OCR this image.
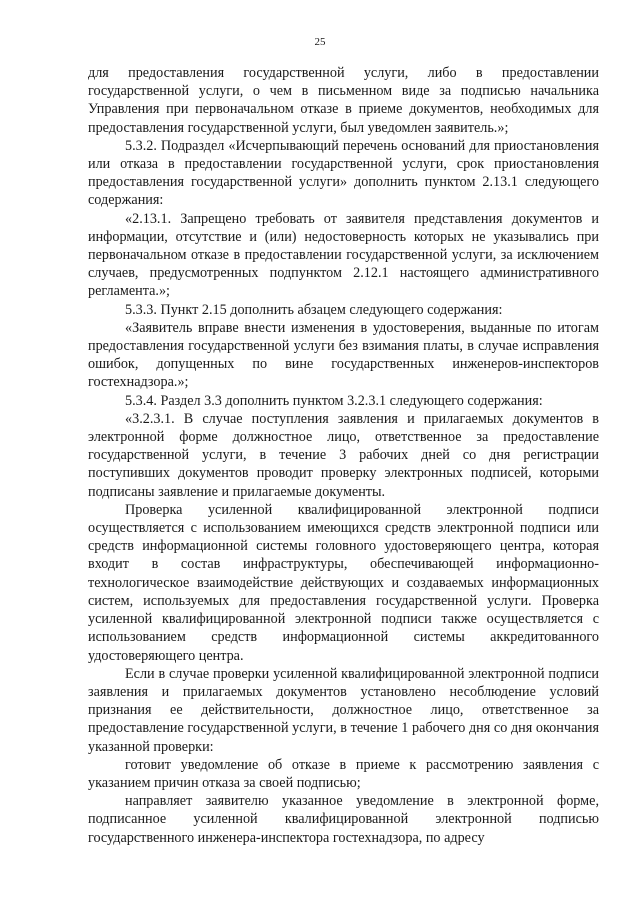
25

для предоставления государственной услуги, либо в предоставлении государственной услуги, о чем в письменном виде за подписью начальника Управления при первоначальном отказе в приеме документов, необходимых для предоставления государственной услуги, был уведомлен заявитель.»;

5.3.2. Подраздел «Исчерпывающий перечень оснований для приостановления или отказа в предоставлении государственной услуги, срок приостановления предоставления государственной услуги» дополнить пунктом 2.13.1 следующего содержания:

«2.13.1. Запрещено требовать от заявителя представления документов и информации, отсутствие и (или) недостоверность которых не указывались при первоначальном отказе в предоставлении государственной услуги, за исключением случаев, предусмотренных подпунктом 2.12.1 настоящего административного регламента.»;

5.3.3. Пункт 2.15 дополнить абзацем следующего содержания:

«Заявитель вправе внести изменения в удостоверения, выданные по итогам предоставления государственной услуги без взимания платы, в случае исправления ошибок, допущенных по вине государственных инженеров-инспекторов гостехнадзора.»;

5.3.4. Раздел 3.3 дополнить пунктом 3.2.3.1 следующего содержания:

«3.2.3.1. В случае поступления заявления и прилагаемых документов в электронной форме должностное лицо, ответственное за предоставление государственной услуги, в течение 3 рабочих дней со дня регистрации поступивших документов проводит проверку электронных подписей, которыми подписаны заявление и прилагаемые документы.

Проверка усиленной квалифицированной электронной подписи осуществляется с использованием имеющихся средств электронной подписи или средств информационной системы головного удостоверяющего центра, которая входит в состав инфраструктуры, обеспечивающей информационно-технологическое взаимодействие действующих и создаваемых информационных систем, используемых для предоставления государственной услуги. Проверка усиленной квалифицированной электронной подписи также осуществляется с использованием средств информационной системы аккредитованного удостоверяющего центра.

Если в случае проверки усиленной квалифицированной электронной подписи заявления и прилагаемых документов установлено несоблюдение условий признания ее действительности, должностное лицо, ответственное за предоставление государственной услуги, в течение 1 рабочего дня со дня окончания указанной проверки:

готовит уведомление об отказе в приеме к рассмотрению заявления с указанием причин отказа за своей подписью;

направляет заявителю указанное уведомление в электронной форме, подписанное усиленной квалифицированной электронной подписью государственного инженера-инспектора гостехнадзора, по адресу
